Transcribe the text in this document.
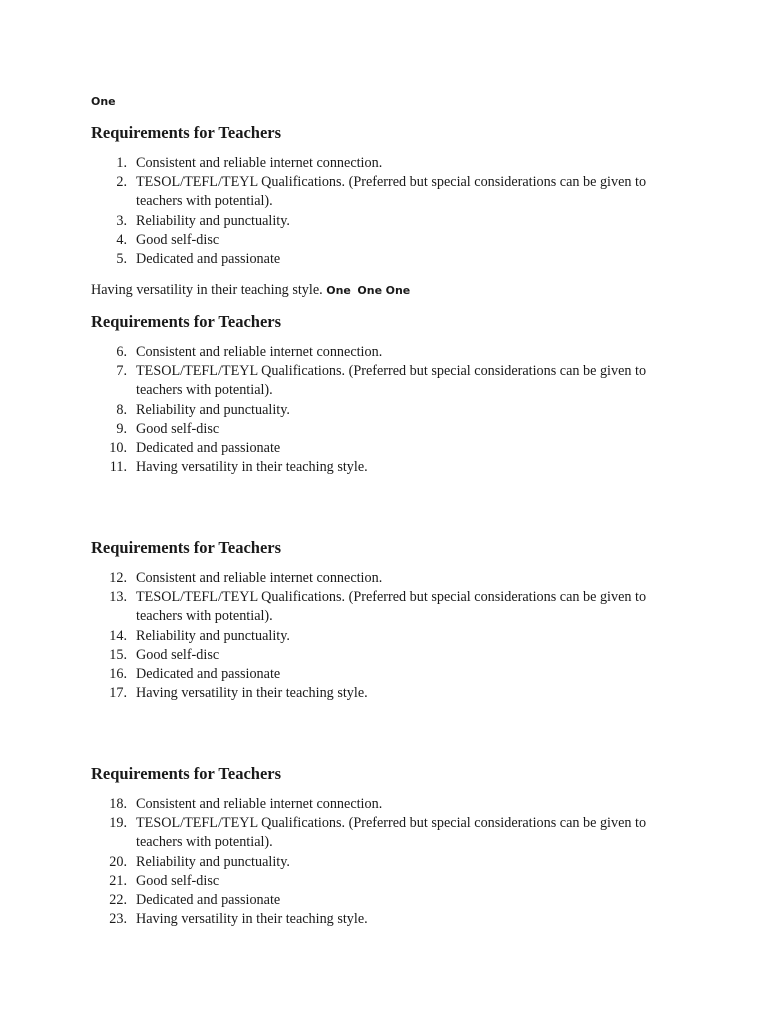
One
Requirements for Teachers
1. Consistent and reliable internet connection.
2. TESOL/TEFL/TEYL Qualifications. (Preferred but special considerations can be given to teachers with potential).
3. Reliability and punctuality.
4. Good self-disc
5. Dedicated and passionate
Having versatility in their teaching style. One One One
Requirements for Teachers
6. Consistent and reliable internet connection.
7. TESOL/TEFL/TEYL Qualifications. (Preferred but special considerations can be given to teachers with potential).
8. Reliability and punctuality.
9. Good self-disc
10. Dedicated and passionate
11. Having versatility in their teaching style.
Requirements for Teachers
12. Consistent and reliable internet connection.
13. TESOL/TEFL/TEYL Qualifications. (Preferred but special considerations can be given to teachers with potential).
14. Reliability and punctuality.
15. Good self-disc
16. Dedicated and passionate
17. Having versatility in their teaching style.
Requirements for Teachers
18. Consistent and reliable internet connection.
19. TESOL/TEFL/TEYL Qualifications. (Preferred but special considerations can be given to teachers with potential).
20. Reliability and punctuality.
21. Good self-disc
22. Dedicated and passionate
23. Having versatility in their teaching style.
